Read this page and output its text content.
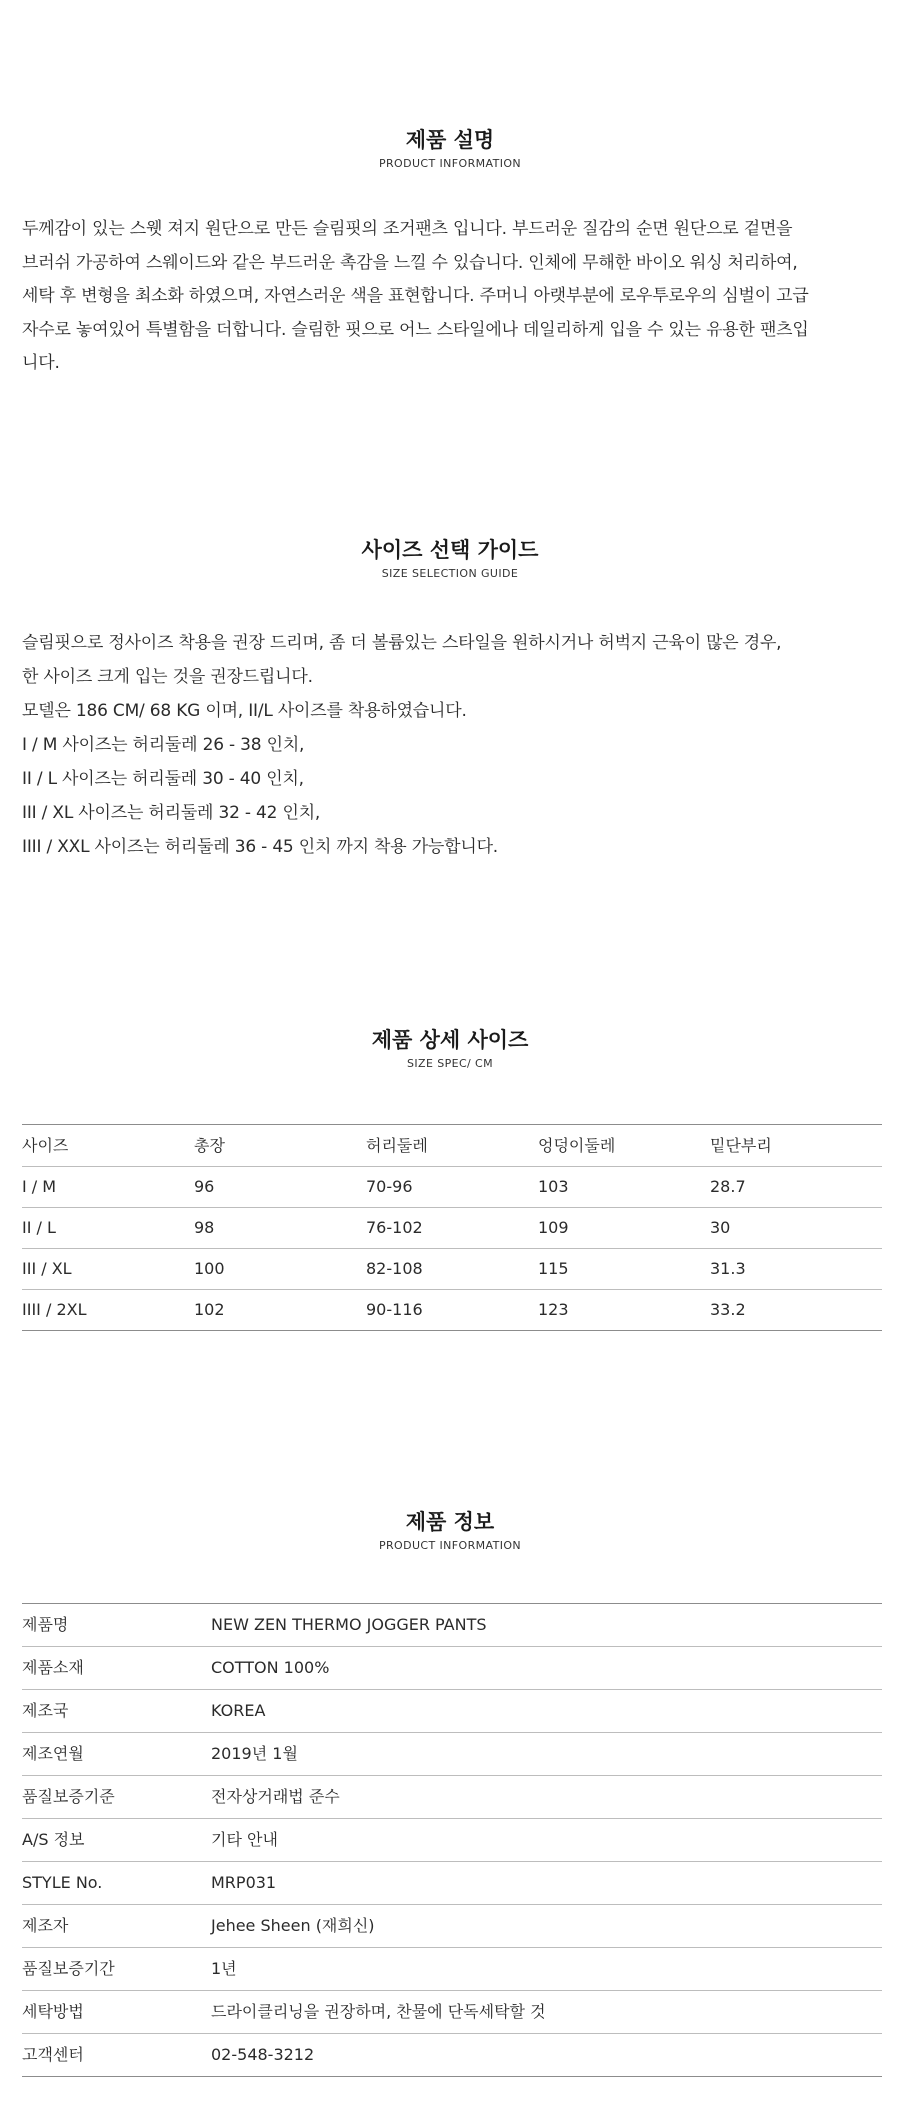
제품 설명
PRODUCT INFORMATION

두께감이 있는 스웻 져지 원단으로 만든 슬림핏의 조거팬츠 입니다. 부드러운 질감의 순면 원단으로 겉면을

브러쉬 가공하여 스웨이드와 같은 부드러운 촉감을 느낄 수 있습니다. 인체에 무해한 바이오 워싱 처리하여,

세탁 후 변형을 최소화 하였으며, 자연스러운 색을 표현합니다. 주머니 아랫부분에 로우투로우의 심벌이 고급

자수로 놓여있어 특별함을 더합니다. 슬림한 핏으로 어느 스타일에나 데일리하게 입을 수 있는 유용한 팬츠입

니다.

사이즈 선택 가이드
SIZE SELECTION GUIDE

슬림핏으로 정사이즈 착용을 권장 드리며, 좀 더 볼륨있는 스타일을 원하시거나 허벅지 근육이 많은 경우,

한 사이즈 크게 입는 것을 권장드립니다.

모델은 186 CM/ 68 KG 이며, II/L 사이즈를 착용하였습니다.

I / M 사이즈는 허리둘레 26 - 38 인치,

II / L 사이즈는 허리둘레 30 - 40 인치,

III / XL 사이즈는 허리둘레 32 - 42 인치,

IIII / XXL 사이즈는 허리둘레 36 - 45 인치 까지 착용 가능합니다.

제품 상세 사이즈
SIZE SPEC/ CM
사이즈	총장	허리둘레	엉덩이둘레	밑단부리
I / M	96	70-96	103	28.7
II / L	98	76-102	109	30
III / XL	100	82-108	115	31.3
IIII / 2XL	102	90-116	123	33.2
제품 정보
PRODUCT INFORMATION
제품명	NEW ZEN THERMO JOGGER PANTS
제품소재	COTTON 100%
제조국	KOREA
제조연월	2019년 1월
품질보증기준	전자상거래법 준수
A/S 정보	기타 안내
STYLE No.	MRP031
제조자	Jehee Sheen (재희신)
품질보증기간	1년
세탁방법	드라이클리닝을 권장하며, 찬물에 단독세탁할 것
고객센터	02-548-3212
